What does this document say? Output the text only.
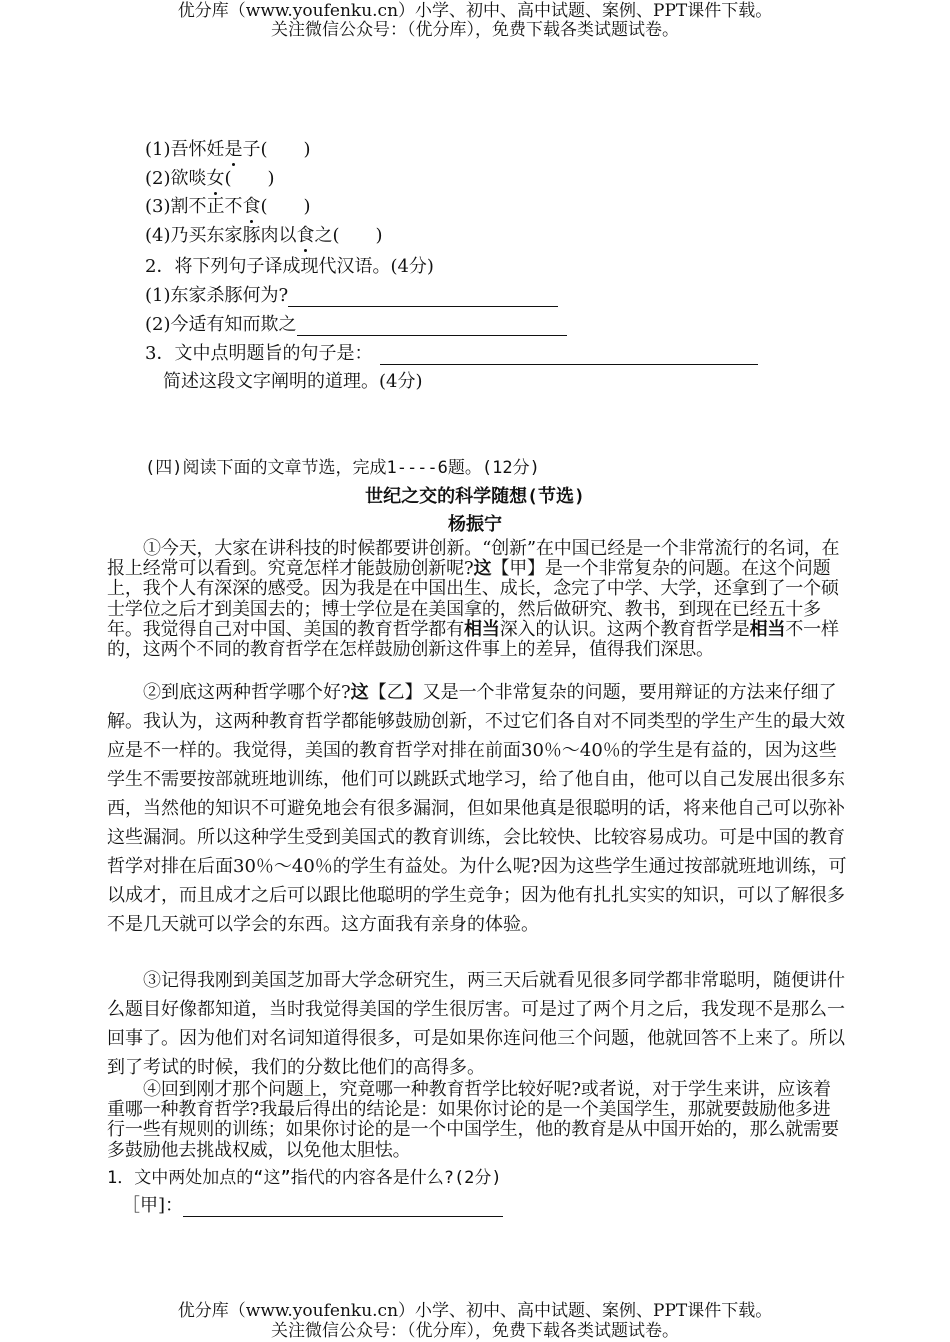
优分库（www.youfenku.cn）小学、初中、高中试题、案例、PPT课件下载。
关注微信公众号：（优分库），免费下载各类试题试卷。
(1)吾怀妊是子(　　)
(2)欲啖女(　　)
(3)割不正不食(　　)
(4)乃买东家豚肉以食之(　　)
2．将下列句子译成现代汉语。(4分)
(1)东家杀豚何为?
(2)今适有知而欺之
3．文中点明题旨的句子是：
简述这段文字阐明的道理。(4分)
(四)阅读下面的文章节选，完成1----6题。(12分)
世纪之交的科学随想(节选)
杨振宁

①今天，大家在讲科技的时候都要讲创新。“创新”在中国已经是一个非常流行的名词，在报上经常可以看到。究竟怎样才能鼓励创新呢?这【甲】是一个非常复杂的问题。在这个问题上，我个人有深深的感受。因为我是在中国出生、成长，念完了中学、大学，还拿到了一个硕士学位之后才到美国去的；博士学位是在美国拿的，然后做研究、教书，到现在已经五十多年。我觉得自己对中国、美国的教育哲学都有相当深入的认识。这两个教育哲学是相当不一样的，这两个不同的教育哲学在怎样鼓励创新这件事上的差异，值得我们深思。

②到底这两种哲学哪个好?这【乙】又是一个非常复杂的问题，要用辩证的方法来仔细了解。我认为，这两种教育哲学都能够鼓励创新，不过它们各自对不同类型的学生产生的最大效应是不一样的。我觉得，美国的教育哲学对排在前面30％～40％的学生是有益的，因为这些学生不需要按部就班地训练，他们可以跳跃式地学习，给了他自由，他可以自己发展出很多东西，当然他的知识不可避免地会有很多漏洞，但如果他真是很聪明的话，将来他自己可以弥补这些漏洞。所以这种学生受到美国式的教育训练，会比较快、比较容易成功。可是中国的教育哲学对排在后面30％～40％的学生有益处。为什么呢?因为这些学生通过按部就班地训练，可以成才，而且成才之后可以跟比他聪明的学生竞争；因为他有扎扎实实的知识，可以了解很多不是几天就可以学会的东西。这方面我有亲身的体验。

③记得我刚到美国芝加哥大学念研究生，两三天后就看见很多同学都非常聪明，随便讲什么题目好像都知道，当时我觉得美国的学生很厉害。可是过了两个月之后，我发现不是那么一回事了。因为他们对名词知道得很多，可是如果你连问他三个问题，他就回答不上来了。所以到了考试的时候，我们的分数比他们的高得多。

④回到刚才那个问题上，究竟哪一种教育哲学比较好呢?或者说，对于学生来讲，应该着重哪一种教育哲学?我最后得出的结论是：如果你讨论的是一个美国学生，那就要鼓励他多进行一些有规则的训练；如果你讨论的是一个中国学生，他的教育是从中国开始的，那么就需要多鼓励他去挑战权威，以免他太胆怯。

1．文中两处加点的“这”指代的内容各是什么?(2分)
［甲]：
优分库（www.youfenku.cn）小学、初中、高中试题、案例、PPT课件下载。
关注微信公众号：（优分库），免费下载各类试题试卷。
